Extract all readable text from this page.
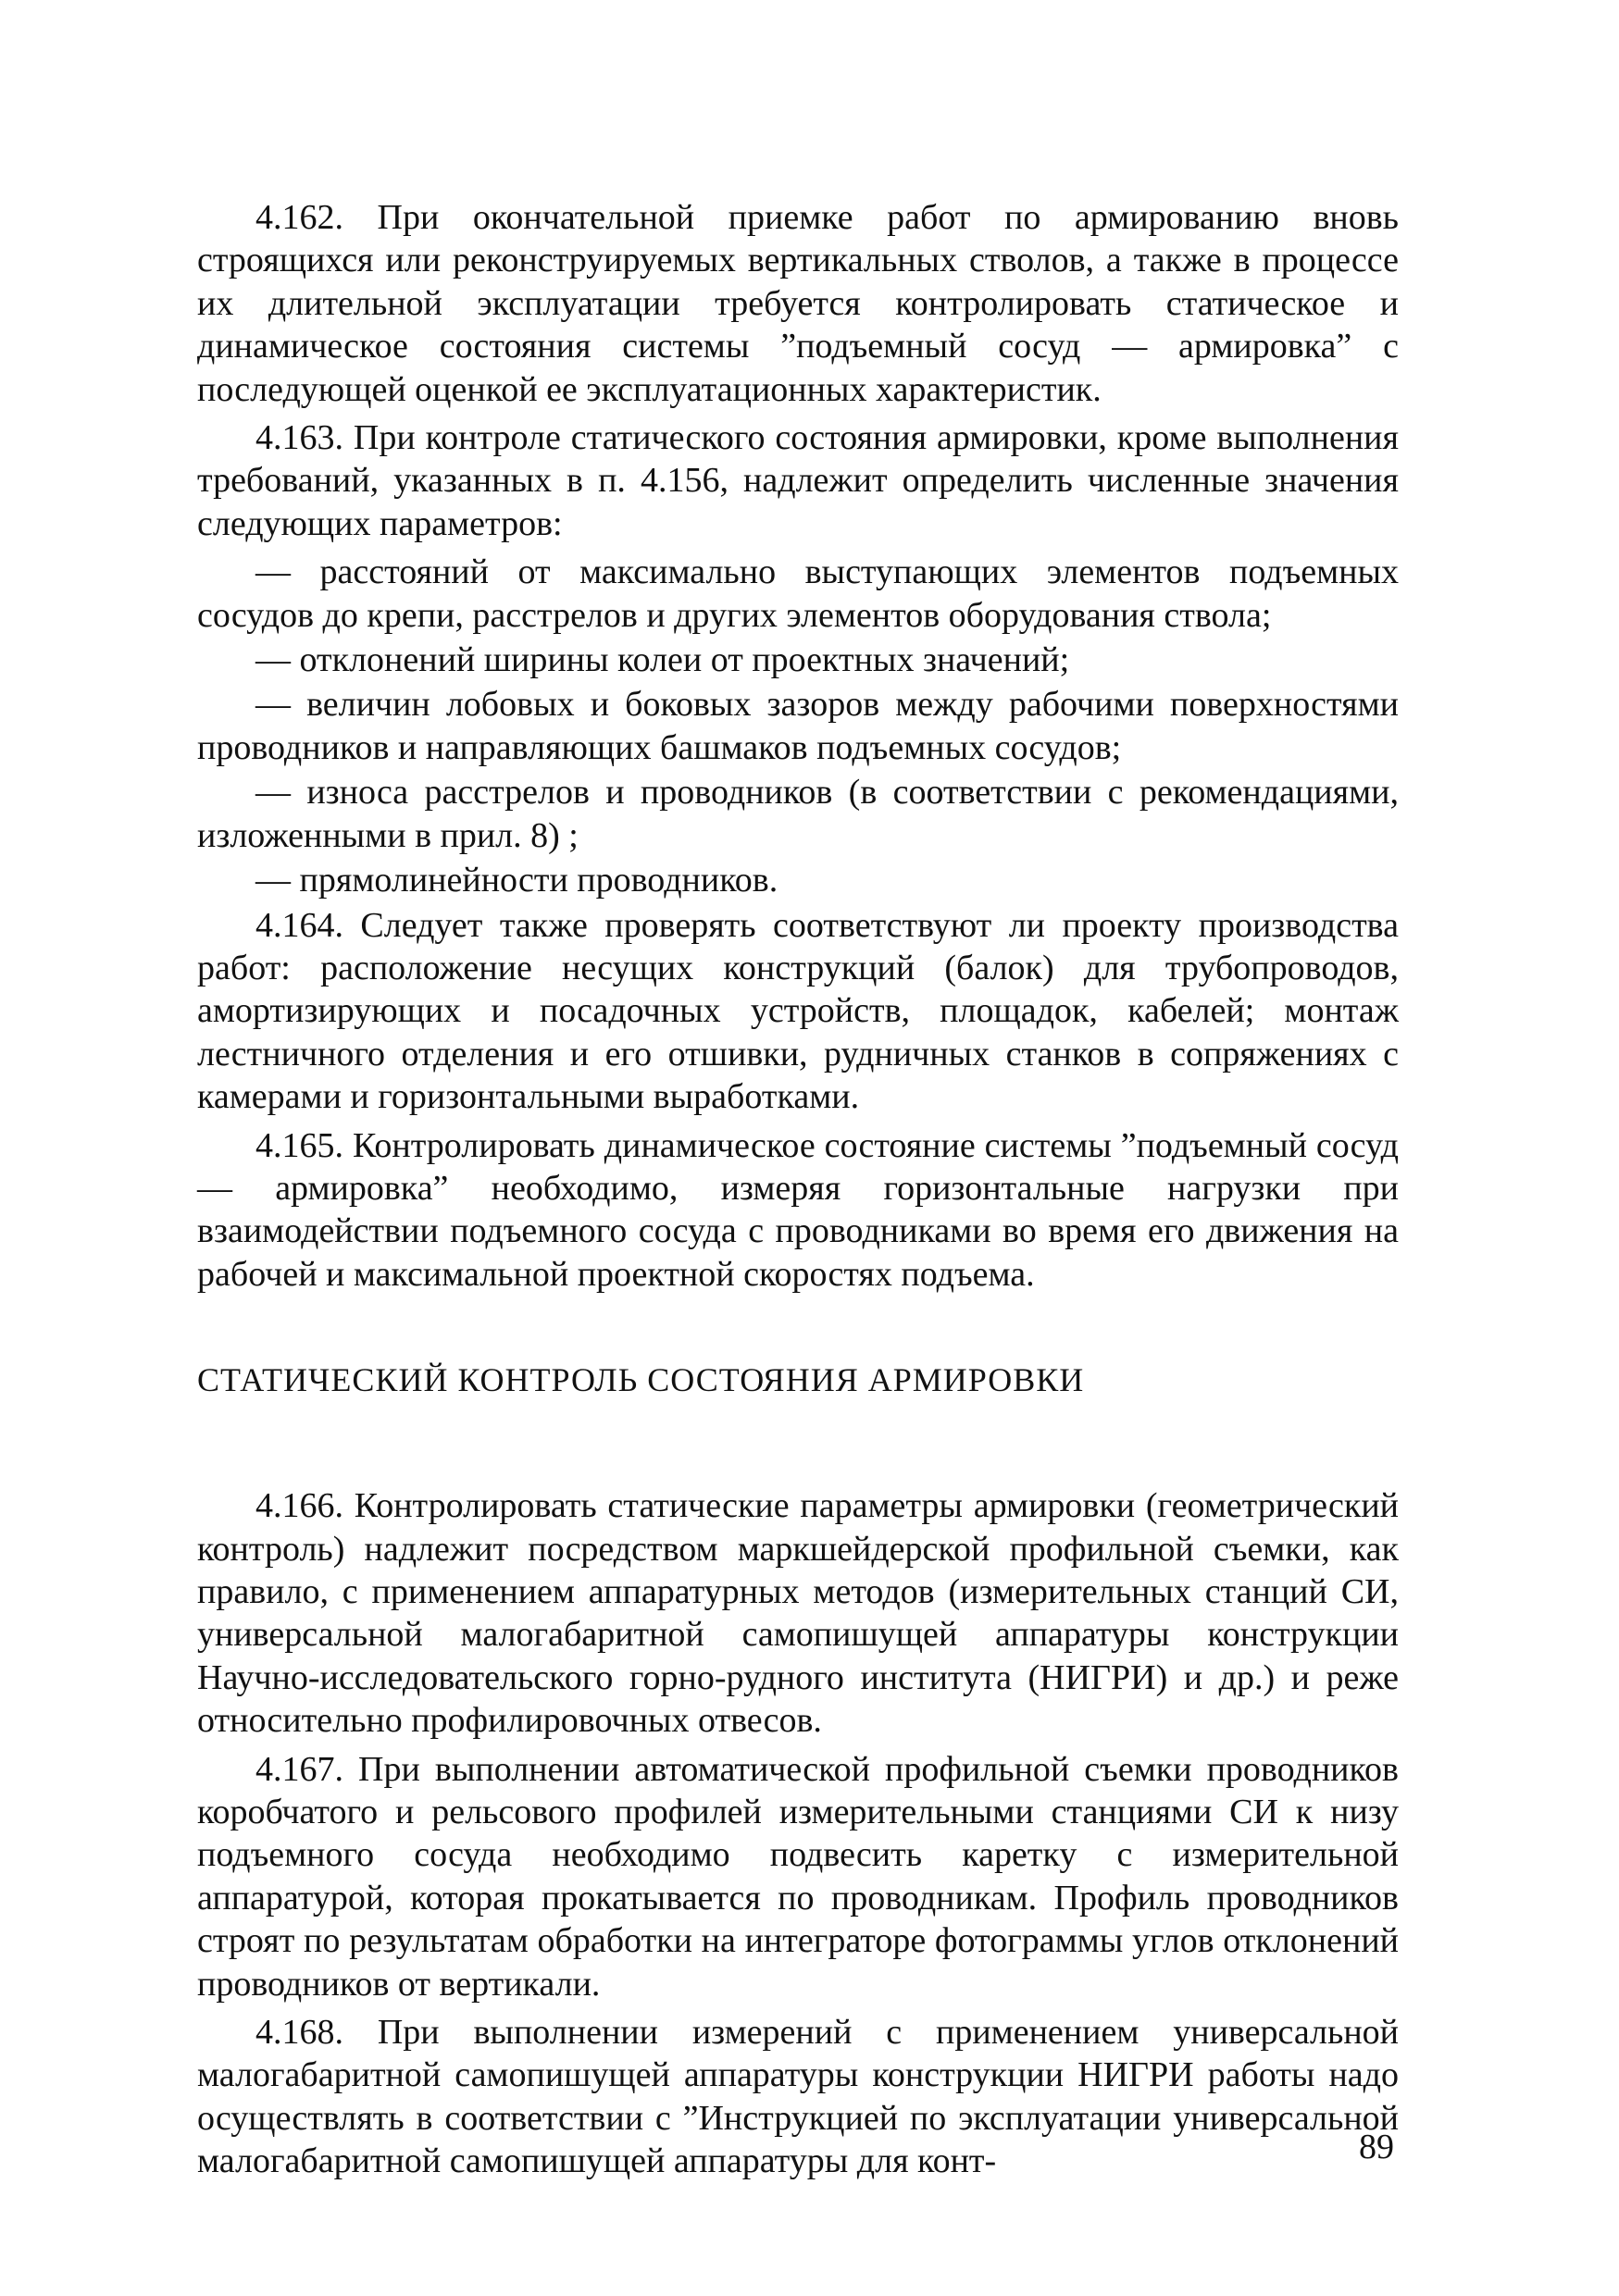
4.162. При окончательной приемке работ по армированию вновь строящихся или реконструируемых вертикальных стволов, а также в процессе их длительной эксплуатации требуется контролировать статическое и динамическое состояния системы ”подъемный сосуд — армировка” с последующей оценкой ее эксплуатационных характеристик.

4.163. При контроле статического состояния армировки, кроме выполнения требований, указанных в п. 4.156, надлежит определить численные значения следующих параметров:

— расстояний от максимально выступающих элементов подъемных сосудов до крепи, расстрелов и других элементов оборудования ствола;

— отклонений ширины колеи от проектных значений;

— величин лобовых и боковых зазоров между рабочими поверхностями проводников и направляющих башмаков подъемных сосудов;

— износа расстрелов и проводников (в соответствии с рекомендациями, изложенными в прил. 8) ;

— прямолинейности проводников.

4.164. Следует также проверять соответствуют ли проекту производства работ: расположение несущих конструкций (балок) для трубопроводов, амортизирующих и посадочных устройств, площадок, кабелей; монтаж лестничного отделения и его отшивки, рудничных станков в сопряжениях с камерами и горизонтальными выработками.

4.165. Контролировать динамическое состояние системы ”подъемный сосуд — армировка” необходимо, измеряя горизонтальные нагрузки при взаимодействии подъемного сосуда с проводниками во время его движения на рабочей и максимальной проектной скоростях подъема.

СТАТИЧЕСКИЙ КОНТРОЛЬ СОСТОЯНИЯ АРМИРОВКИ

4.166. Контролировать статические параметры армировки (геометрический контроль) надлежит посредством маркшейдерской профильной съемки, как правило, с применением аппаратурных методов (измерительных станций СИ, универсальной малогабаритной самопишущей аппаратуры конструкции Научно-исследовательского горно-рудного института (НИГРИ) и др.) и реже относительно профилировочных отвесов.

4.167. При выполнении автоматической профильной съемки проводников коробчатого и рельсового профилей измерительными станциями СИ к низу подъемного сосуда необходимо подвесить каретку с измерительной аппаратурой, которая прокатывается по проводникам. Профиль проводников строят по результатам обработки на интеграторе фотограммы углов отклонений проводников от вертикали.

4.168. При выполнении измерений с применением универсальной малогабаритной самопишущей аппаратуры конструкции НИГРИ работы надо осуществлять в соответствии с ”Инструкцией по эксплуатации универсальной малогабаритной самопишущей аппаратуры для конт-	89
